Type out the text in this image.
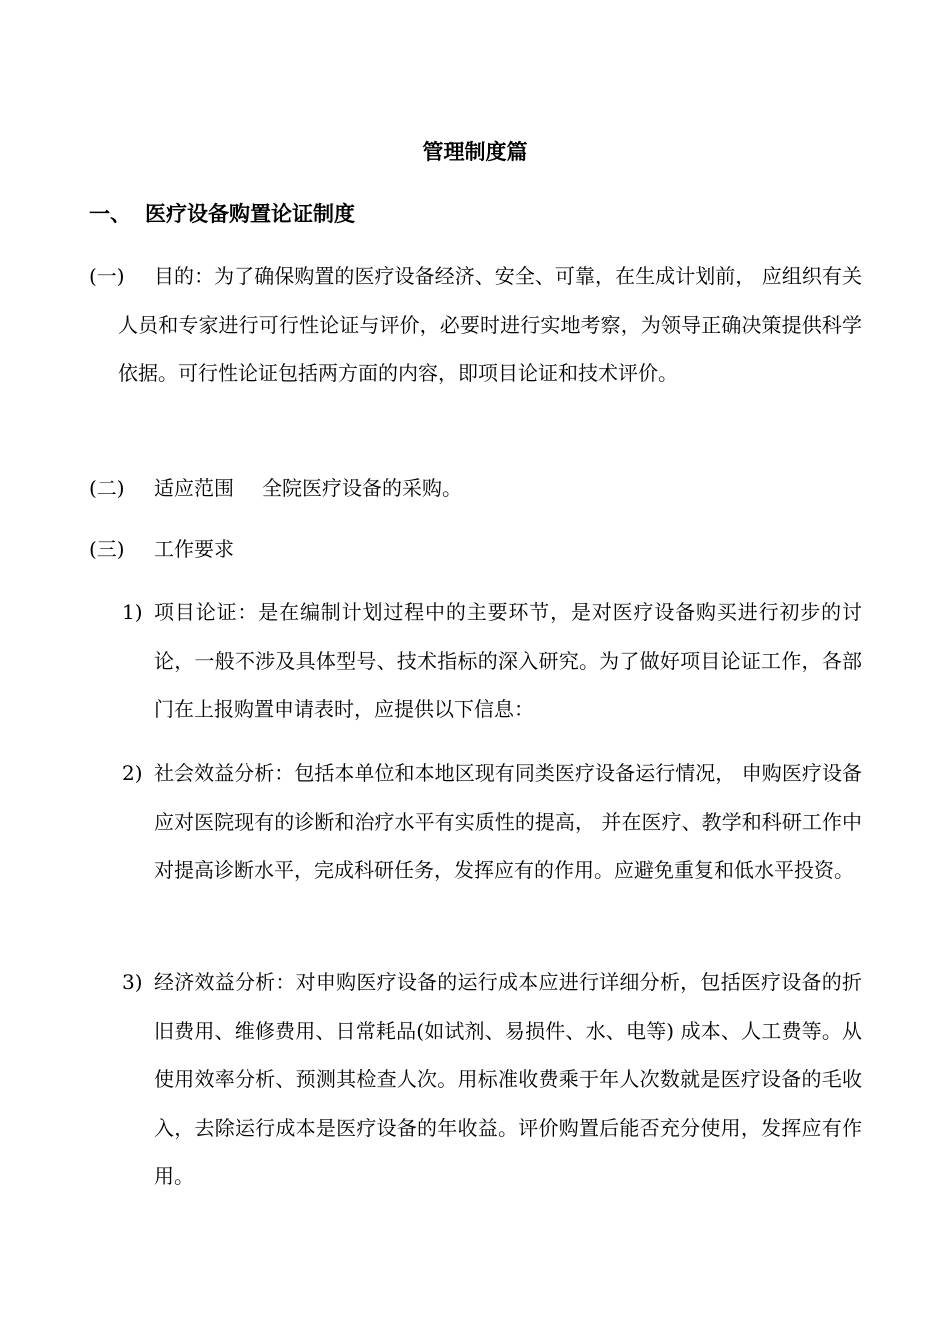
管理制度篇
一、 医疗设备购置论证制度
(一)	目的：为了确保购置的医疗设备经济、安全、可靠，在生成计划前， 应组织有关人员和专家进行可行性论证与评价，必要时进行实地考察，为领导正确决策提供科学依据。可行性论证包括两方面的内容，即项目论证和技术评价。
(二) 适应范围 全院医疗设备的采购。
(三) 工作要求
1) 项目论证：是在编制计划过程中的主要环节，是对医疗设备购买进行初步的讨论，一般不涉及具体型号、技术指标的深入研究。为了做好项目论证工作，各部门在上报购置申请表时，应提供以下信息：
2) 社会效益分析：包括本单位和本地区现有同类医疗设备运行情况， 申购医疗设备应对医院现有的诊断和治疗水平有实质性的提高， 并在医疗、教学和科研工作中对提高诊断水平，完成科研任务，发挥应有的作用。应避免重复和低水平投资。
3) 经济效益分析：对申购医疗设备的运行成本应进行详细分析，包括医疗设备的折旧费用、维修费用、日常耗品(如试剂、易损件、水、电等) 成本、人工费等。从使用效率分析、预测其检查人次。用标准收费乘于年人次数就是医疗设备的毛收入，去除运行成本是医疗设备的年收益。评价购置后能否充分使用，发挥应有作用。
